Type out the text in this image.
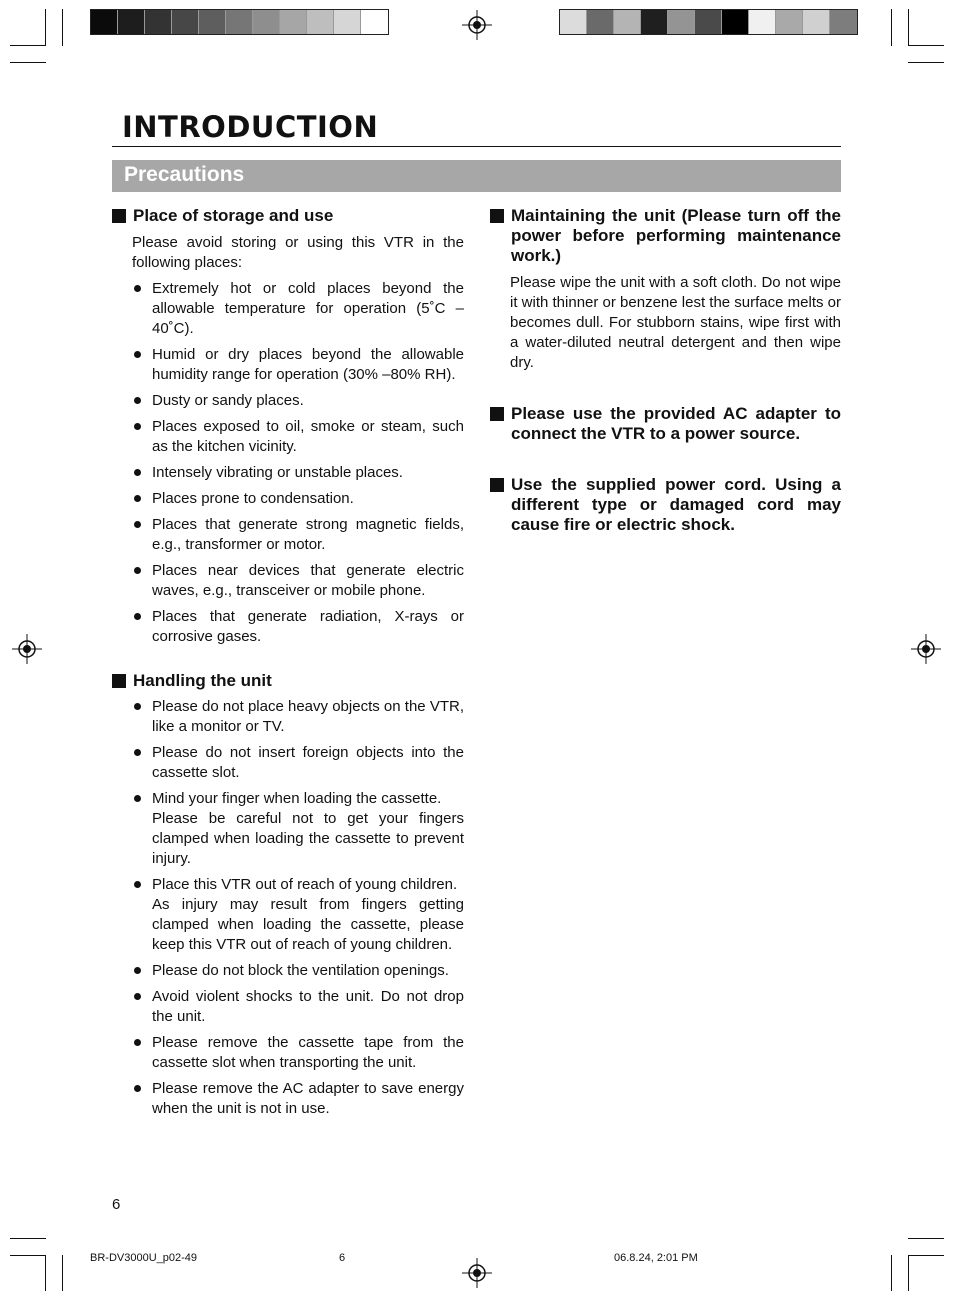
INTRODUCTION
Precautions
Place of storage and use

Please avoid storing or using this VTR in the following places:

Extremely hot or cold places beyond the allowable temperature for operation (5˚C – 40˚C).
Humid or dry places beyond the allowable humidity range for operation (30% –80% RH).
Dusty or sandy places.
Places exposed to oil, smoke or steam, such as the kitchen vicinity.
Intensely vibrating or unstable places.
Places prone to condensation.
Places that generate strong magnetic fields, e.g., transformer or motor.
Places near devices that generate electric waves, e.g., transceiver or mobile phone.
Places that generate radiation, X-rays or corrosive gases.
Handling the unit
Please do not place heavy objects on the VTR, like a monitor or TV.
Please do not insert foreign objects into the cassette slot.
Mind your finger when loading the cassette.
Please be careful not to get your fingers clamped when loading the cassette to prevent injury.
Place this VTR out of reach of young children.
As injury may result from fingers getting clamped when loading the cassette, please keep this VTR out of reach of young children.
Please do not block the ventilation openings.
Avoid violent shocks to the unit. Do not drop the unit.
Please remove the cassette tape from the cassette slot when transporting the unit.
Please remove the AC adapter to save energy when the unit is not in use.
Maintaining the unit (Please turn off the power before performing maintenance work.)

Please wipe the unit with a soft cloth. Do not wipe it with thinner or benzene lest the surface melts or becomes dull. For stubborn stains, wipe first with a water-diluted neutral detergent and then wipe dry.

Please use the provided AC adapter to connect the VTR to a power source.
Use the supplied power cord. Using a different type or damaged cord may cause fire or electric shock.
6
BR-DV3000U_p02-49	6	06.8.24, 2:01 PM
